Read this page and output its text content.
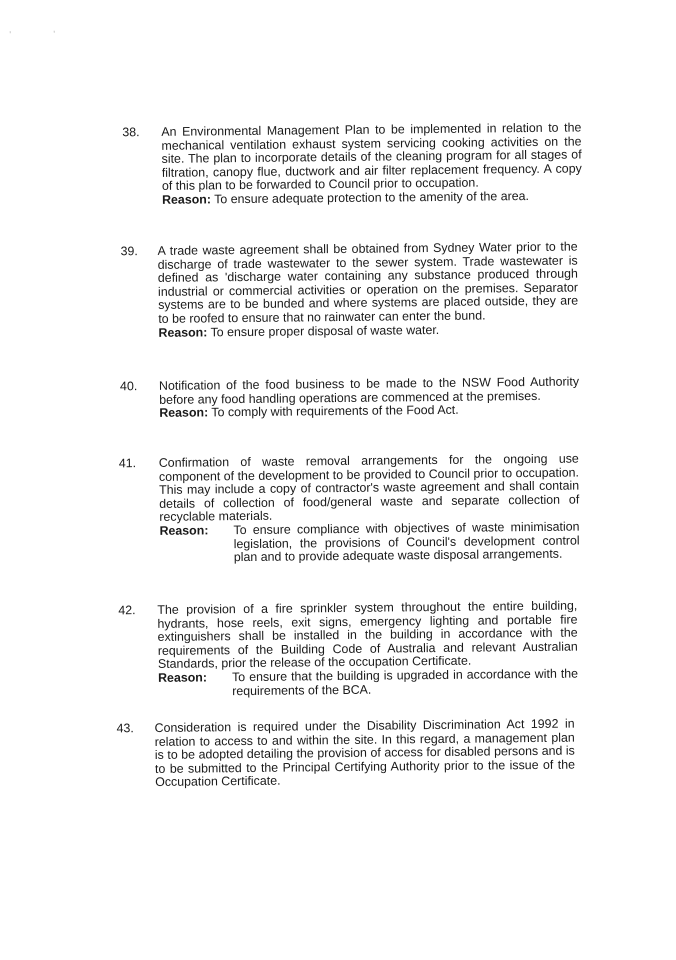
'	'
38. An Environmental Management Plan to be implemented in relation to the mechanical ventilation exhaust system servicing cooking activities on the site. The plan to incorporate details of the cleaning program for all stages of filtration, canopy flue, ductwork and air filter replacement frequency. A copy of this plan to be forwarded to Council prior to occupation.
Reason: To ensure adequate protection to the amenity of the area.
39. A trade waste agreement shall be obtained from Sydney Water prior to the discharge of trade wastewater to the sewer system. Trade wastewater is defined as 'discharge water containing any substance produced through industrial or commercial activities or operation on the premises. Separator systems are to be bunded and where systems are placed outside, they are to be roofed to ensure that no rainwater can enter the bund.
Reason: To ensure proper disposal of waste water.
40. Notification of the food business to be made to the NSW Food Authority before any food handling operations are commenced at the premises.
Reason: To comply with requirements of the Food Act.
41. Confirmation of waste removal arrangements for the ongoing use component of the development to be provided to Council prior to occupation. This may include a copy of contractor's waste agreement and shall contain details of collection of food/general waste and separate collection of recyclable materials.
Reason: To ensure compliance with objectives of waste minimisation legislation, the provisions of Council's development control plan and to provide adequate waste disposal arrangements.
42. The provision of a fire sprinkler system throughout the entire building, hydrants, hose reels, exit signs, emergency lighting and portable fire extinguishers shall be installed in the building in accordance with the requirements of the Building Code of Australia and relevant Australian Standards, prior the release of the occupation Certificate.
Reason: To ensure that the building is upgraded in accordance with the requirements of the BCA.
43. Consideration is required under the Disability Discrimination Act 1992 in relation to access to and within the site. In this regard, a management plan is to be adopted detailing the provision of access for disabled persons and is to be submitted to the Principal Certifying Authority prior to the issue of the Occupation Certificate.
